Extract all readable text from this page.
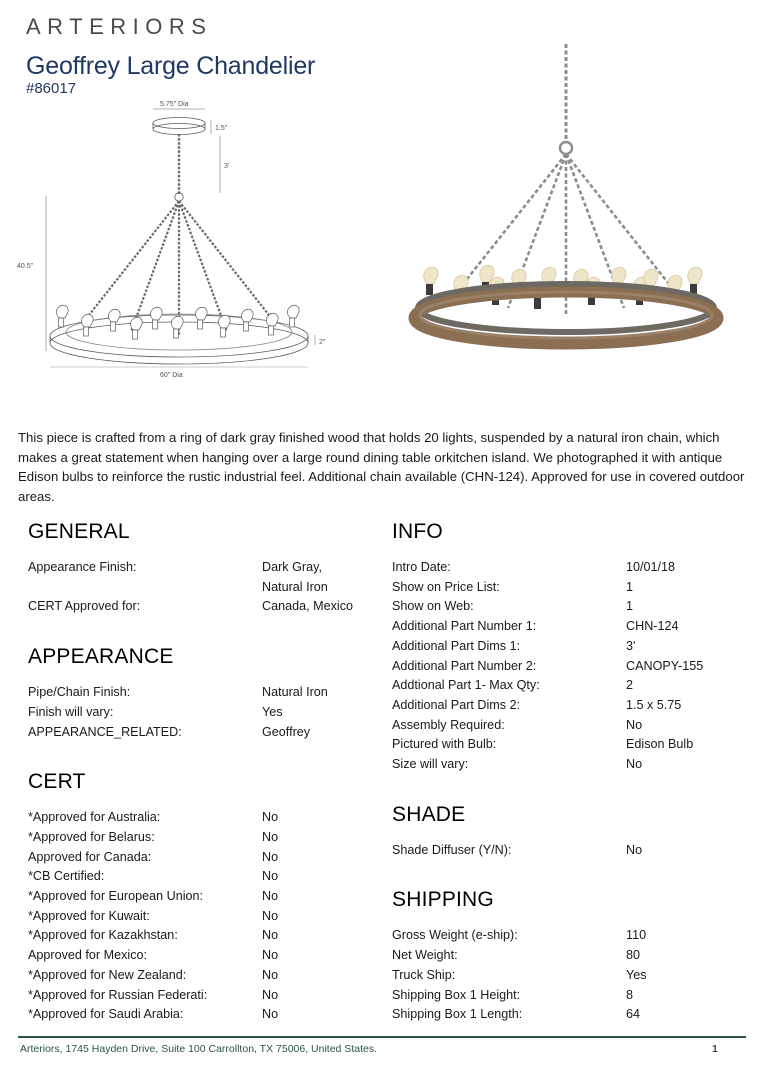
ARTERIORS
Geoffrey Large Chandelier
#86017
5.75" Dia
1.5"
3'
40.5"
2"
60" Dia
This piece is crafted from a ring of dark gray finished wood that holds 20 lights, suspended by a natural iron chain, which makes a great statement when hanging over a large round dining table orkitchen island. We photographed it with antique Edison bulbs to reinforce the rustic industrial feel. Additional chain available (CHN-124). Approved for use in covered outdoor areas.
GENERAL
Appearance Finish:	Dark Gray,
Natural Iron
CERT Approved for:	Canada, Mexico
APPEARANCE
Pipe/Chain Finish:	Natural Iron
Finish will vary:	Yes
APPEARANCE_RELATED:	Geoffrey
CERT
*Approved for Australia:	No
*Approved for Belarus:	No
Approved for Canada:	No
*CB Certified:	No
*Approved for European Union:	No
*Approved for Kuwait:	No
*Approved for Kazakhstan:	No
Approved for Mexico:	No
*Approved for New Zealand:	No
*Approved for Russian Federati:	No
*Approved for Saudi Arabia:	No
INFO
Intro Date:	10/01/18
Show on Price List:	1
Show on Web:	1
Additional Part Number 1:	CHN-124
Additional Part Dims 1:	3'
Additional Part Number 2:	CANOPY-155
Addtional Part 1- Max Qty:	2
Additional Part Dims 2:	1.5 x 5.75
Assembly Required:	No
Pictured with Bulb:	Edison Bulb
Size will vary:	No
SHADE
Shade Diffuser (Y/N):	No
SHIPPING
Gross Weight (e-ship):	110
Net Weight:	80
Truck Ship:	Yes
Shipping Box 1 Height:	8
Shipping Box 1 Length:	64
Arteriors, 1745 Hayden Drive, Suite 100 Carrollton, TX 75006, United States.	1
